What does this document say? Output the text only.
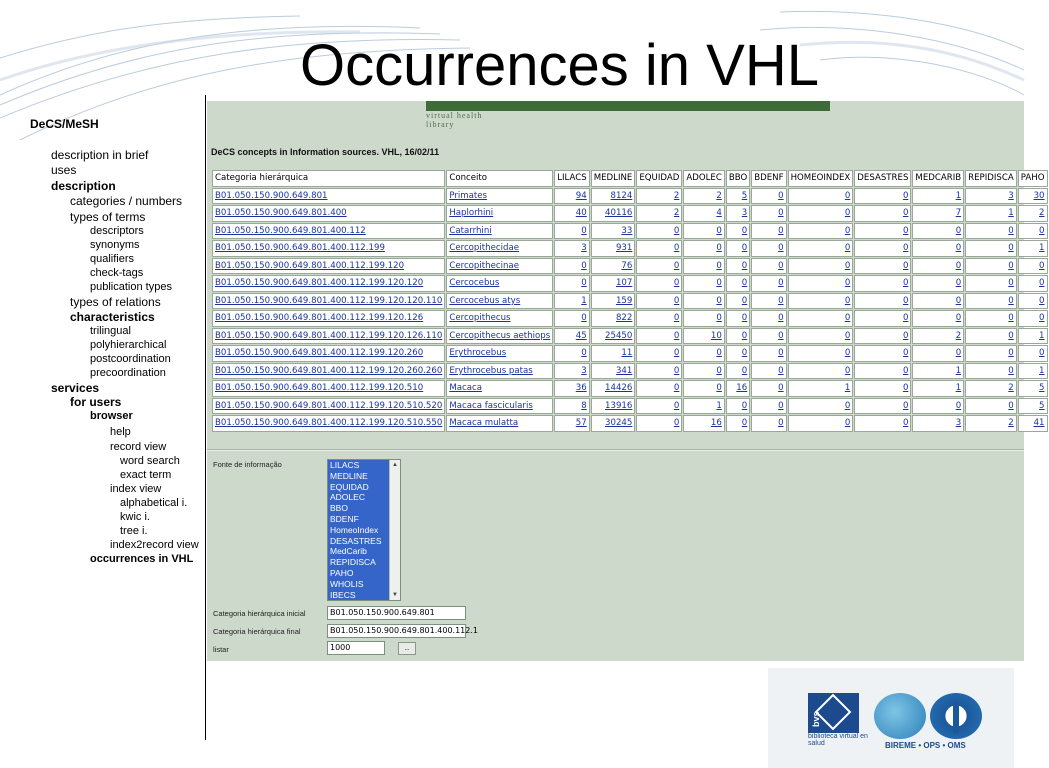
Occurrences in VHL
DeCS/MeSH
description in brief
uses
description
categories / numbers
types of terms
descriptors
synonyms
qualifiers
check-tags
publication types
types of relations
characteristics
trilingual
polyhierarchical
postcoordination
precoordination
services
for users
browser
help
record view
word search
exact term
index view
alphabetical i.
kwic i.
tree i.
index2record view
occurrences in VHL
virtual health library
DeCS concepts in Information sources. VHL, 16/02/11
Categoria hierárquica	Conceito	LILACS	MEDLINE	EQUIDAD	ADOLEC	BBO	BDENF	HOMEOINDEX	DESASTRES	MEDCARIB	REPIDISCA	PAHO
B01.050.150.900.649.801	Primates	94	8124	2	2	5	0	0	0	1	3	30
B01.050.150.900.649.801.400	Haplorhini	40	40116	2	4	3	0	0	0	7	1	2
B01.050.150.900.649.801.400.112	Catarrhini	0	33	0	0	0	0	0	0	0	0	0
B01.050.150.900.649.801.400.112.199	Cercopithecidae	3	931	0	0	0	0	0	0	0	0	1
B01.050.150.900.649.801.400.112.199.120	Cercopithecinae	0	76	0	0	0	0	0	0	0	0	0
B01.050.150.900.649.801.400.112.199.120.120	Cercocebus	0	107	0	0	0	0	0	0	0	0	0
B01.050.150.900.649.801.400.112.199.120.120.110	Cercocebus atys	1	159	0	0	0	0	0	0	0	0	0
B01.050.150.900.649.801.400.112.199.120.126	Cercopithecus	0	822	0	0	0	0	0	0	0	0	0
B01.050.150.900.649.801.400.112.199.120.126.110	Cercopithecus aethiops	45	25450	0	10	0	0	0	0	2	0	1
B01.050.150.900.649.801.400.112.199.120.260	Erythrocebus	0	11	0	0	0	0	0	0	0	0	0
B01.050.150.900.649.801.400.112.199.120.260.260	Erythrocebus patas	3	341	0	0	0	0	0	0	1	0	1
B01.050.150.900.649.801.400.112.199.120.510	Macaca	36	14426	0	0	16	0	1	0	1	2	5
B01.050.150.900.649.801.400.112.199.120.510.520	Macaca fascicularis	8	13916	0	1	0	0	0	0	0	0	5
B01.050.150.900.649.801.400.112.199.120.510.550	Macaca mulatta	57	30245	0	16	0	0	0	0	3	2	41
Fonte de informação	LILACS
MEDLINE
EQUIDAD
ADOLEC
BBO
BDENF
HomeoIndex
DESASTRES
MedCarib
REPIDISCA
PAHO
WHOLIS
IBECS
▲
▼
Categoria hierárquica inicial	B01.050.150.900.649.801
Categoria hierárquica final	B01.050.150.900.649.801.400.112.1
listar	1000	..
bvs
biblioteca virtual en salud	BIREME • OPS • OMS
